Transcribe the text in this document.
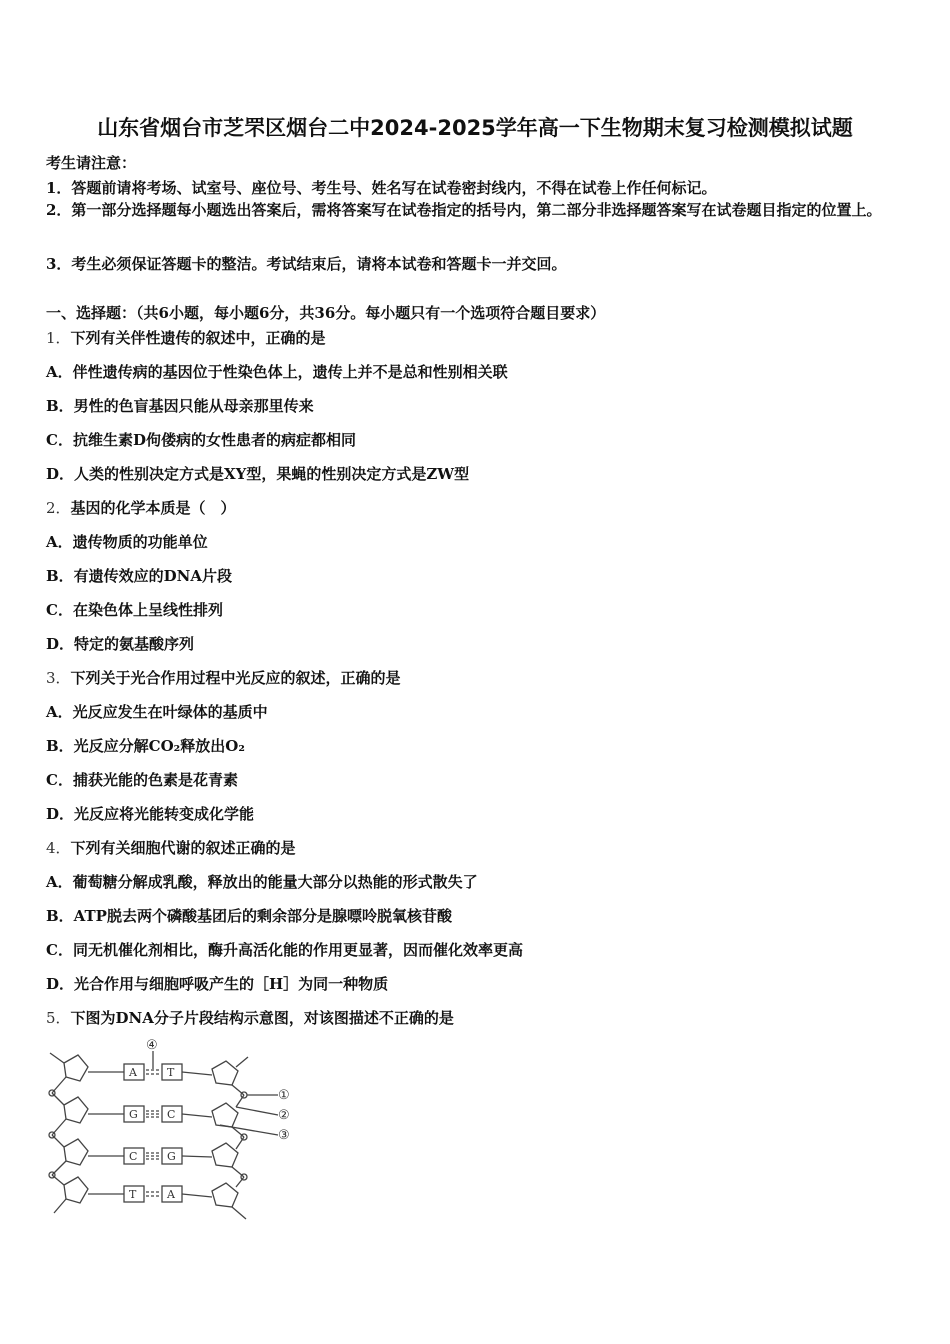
山东省烟台市芝罘区烟台二中2024-2025学年高一下生物期末复习检测模拟试题
考生请注意：
1．答题前请将考场、试室号、座位号、考生号、姓名写在试卷密封线内，不得在试卷上作任何标记。
2．第一部分选择题每小题选出答案后，需将答案写在试卷指定的括号内，第二部分非选择题答案写在试卷题目指定的位置上。
3．考生必须保证答题卡的整洁。考试结束后，请将本试卷和答题卡一并交回。
一、选择题：（共6小题，每小题6分，共36分。每小题只有一个选项符合题目要求）
1．下列有关伴性遗传的叙述中，正确的是
A．伴性遗传病的基因位于性染色体上，遗传上并不是总和性别相关联
B．男性的色盲基因只能从母亲那里传来
C．抗维生素D佝偻病的女性患者的病症都相同
D．人类的性别决定方式是XY型，果蝇的性别决定方式是ZW型
2．基因的化学本质是（　）
A．遗传物质的功能单位
B．有遗传效应的DNA片段
C．在染色体上呈线性排列
D．特定的氨基酸序列
3．下列关于光合作用过程中光反应的叙述，正确的是
A．光反应发生在叶绿体的基质中
B．光反应分解CO₂释放出O₂
C．捕获光能的色素是花青素
D．光反应将光能转变成化学能
4．下列有关细胞代谢的叙述正确的是
A．葡萄糖分解成乳酸，释放出的能量大部分以热能的形式散失了
B．ATP脱去两个磷酸基团后的剩余部分是腺嘌呤脱氧核苷酸
C．同无机催化剂相比，酶升高活化能的作用更显著，因而催化效率更高
D．光合作用与细胞呼吸产生的［H］为同一种物质
5．下图为DNA分子片段结构示意图，对该图描述不正确的是
A	T
G	C
C	G
T	A
④
①
②
③
